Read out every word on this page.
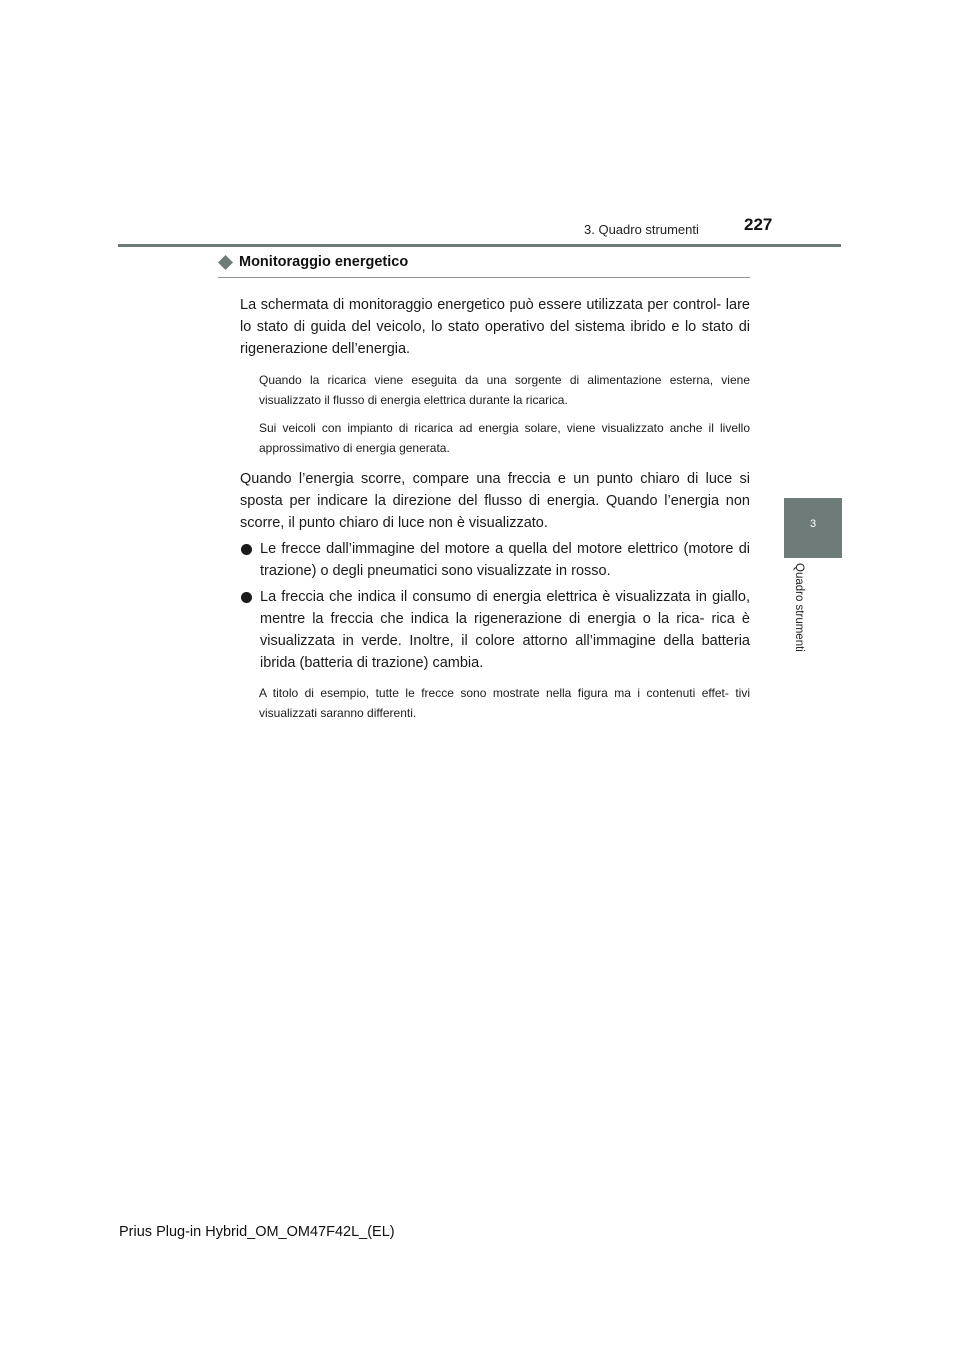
3. Quadro strumenti	227
3
Quadro strumenti
Monitoraggio energetico

La schermata di monitoraggio energetico può essere utilizzata per control- lare lo stato di guida del veicolo, lo stato operativo del sistema ibrido e lo stato di rigenerazione dell’energia.

Quando la ricarica viene eseguita da una sorgente di alimentazione esterna, viene visualizzato il flusso di energia elettrica durante la ricarica.

Sui veicoli con impianto di ricarica ad energia solare, viene visualizzato anche il livello approssimativo di energia generata.

Quando l’energia scorre, compare una freccia e un punto chiaro di luce si sposta per indicare la direzione del flusso di energia. Quando l’energia non scorre, il punto chiaro di luce non è visualizzato.

Le frecce dall’immagine del motore a quella del motore elettrico (motore di trazione) o degli pneumatici sono visualizzate in rosso.
La freccia che indica il consumo di energia elettrica è visualizzata in giallo, mentre la freccia che indica la rigenerazione di energia o la rica- rica è visualizzata in verde. Inoltre, il colore attorno all’immagine della batteria ibrida (batteria di trazione) cambia.

A titolo di esempio, tutte le frecce sono mostrate nella figura ma i contenuti effet- tivi visualizzati saranno differenti.

Prius Plug-in Hybrid_OM_OM47F42L_(EL)
